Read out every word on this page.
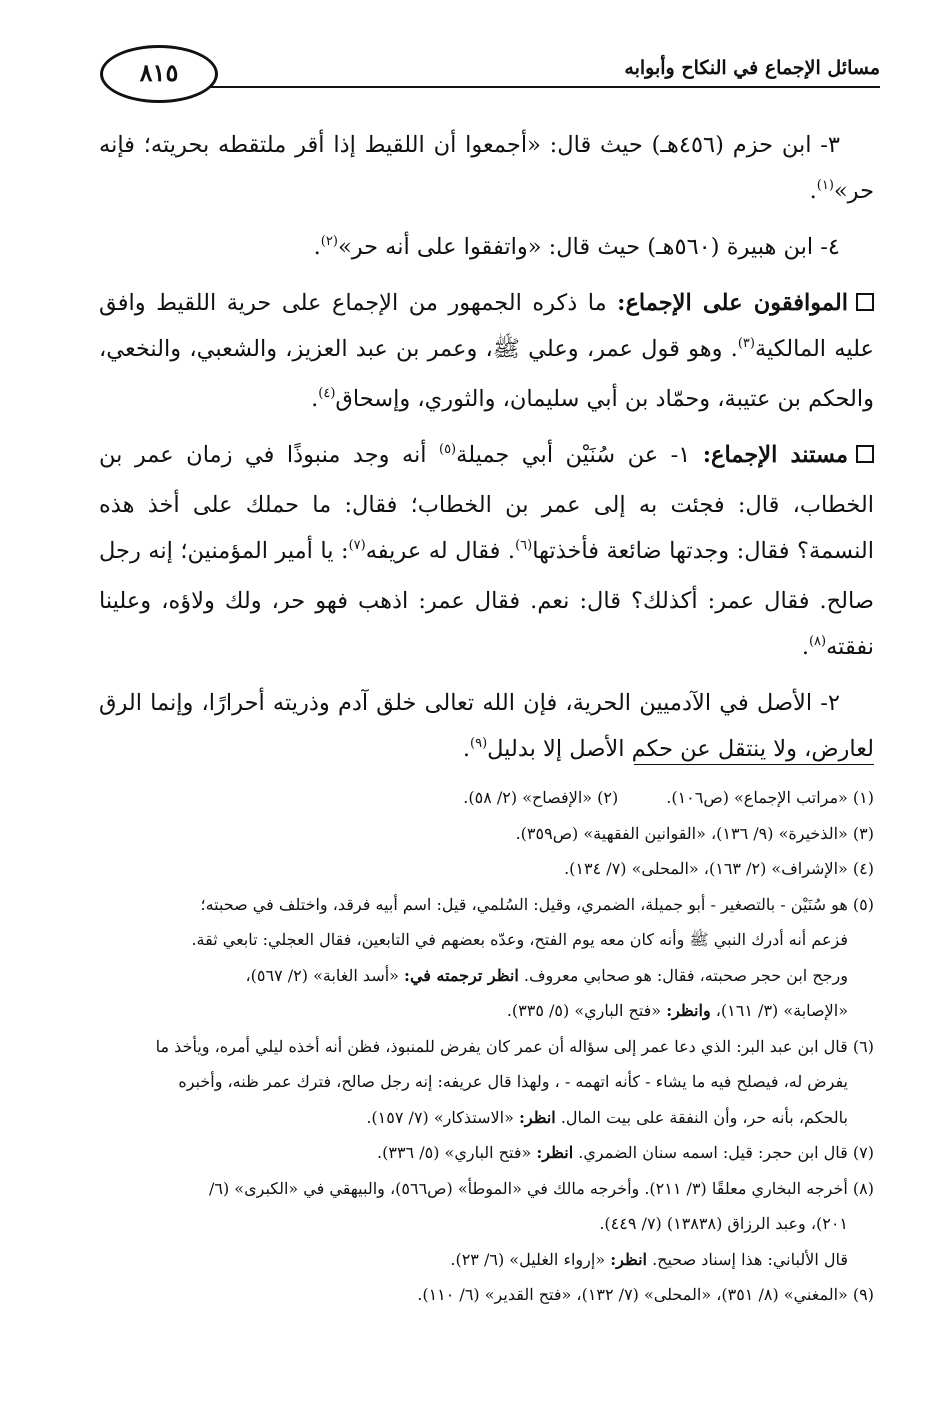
مسائل الإجماع في النكاح وأبوابه
٨١٥

٣- ابن حزم (٤٥٦هـ) حيث قال: «أجمعوا أن اللقيط إذا أقر ملتقطه بحريته؛ فإنه حر»$^{(١)}$.

٤- ابن هبيرة (٥٦٠هـ) حيث قال: «واتفقوا على أنه حر»$^{(٢)}$.

الموافقون على الإجماع: ما ذكره الجمهور من الإجماع على حرية اللقيط وافق عليه المالكية$^{(٣)}$. وهو قول عمر، وعلي ﷺ، وعمر بن عبد العزيز، والشعبي، والنخعي، والحكم بن عتيبة، وحمّاد بن أبي سليمان، والثوري، وإسحاق$^{(٤)}$.

مستند الإجماع: ١- عن سُنَيْن أبي جميلة$^{(٥)}$ أنه وجد منبوذًا في زمان عمر بن الخطاب، قال: فجئت به إلى عمر بن الخطاب؛ فقال: ما حملك على أخذ هذه النسمة؟ فقال: وجدتها ضائعة فأخذتها$^{(٦)}$. فقال له عريفه$^{(٧)}$: يا أمير المؤمنين؛ إنه رجل صالح. فقال عمر: أكذلك؟ قال: نعم. فقال عمر: اذهب فهو حر، ولك ولاؤه، وعلينا نفقته$^{(٨)}$.

٢- الأصل في الآدميين الحرية، فإن الله تعالى خلق آدم وذريته أحرارًا، وإنما الرق لعارض، ولا ينتقل عن حكم الأصل إلا بدليل$^{(٩)}$.

(١) «مراتب الإجماع» (ص١٠٦).   (٢) «الإفصاح» (٢/ ٥٨).

(٣) «الذخيرة» (٩/ ١٣٦)، «القوانين الفقهية» (ص٣٥٩).

(٤) «الإشراف» (٢/ ١٦٣)، «المحلى» (٧/ ١٣٤).

(٥) هو سُنَيْن - بالتصغير - أبو جميلة، الضمري، وقيل: السُلمي، قيل: اسم أبيه فرقد، واختلف في صحبته؛

فزعم أنه أدرك النبي ﷺ وأنه كان معه يوم الفتح، وعدّه بعضهم في التابعين، فقال العجلي: تابعي ثقة.

ورجح ابن حجر صحبته، فقال: هو صحابي معروف. انظر ترجمته في: «أسد الغابة» (٢/ ٥٦٧)،

«الإصابة» (٣/ ١٦١)، وانظر: «فتح الباري» (٥/ ٣٣٥).

(٦) قال ابن عبد البر: الذي دعا عمر إلى سؤاله أن عمر كان يفرض للمنبوذ، فظن أنه أخذه ليلي أمره، ويأخذ ما

يفرض له، فيصلح فيه ما يشاء - كأنه اتهمه - ، ولهذا قال عريفه: إنه رجل صالح، فترك عمر ظنه، وأخبره

بالحكم، بأنه حر، وأن النفقة على بيت المال. انظر: «الاستذكار» (٧/ ١٥٧).

(٧) قال ابن حجر: قيل: اسمه سنان الضمري. انظر: «فتح الباري» (٥/ ٣٣٦).

(٨) أخرجه البخاري معلقًا (٣/ ٢١١). وأخرجه مالك في «الموطأ» (ص٥٦٦)، والبيهقي في «الكبرى» (٦/

٢٠١)، وعبد الرزاق (١٣٨٣٨) (٧/ ٤٤٩).

قال الألباني: هذا إسناد صحيح. انظر: «إرواء الغليل» (٦/ ٢٣).

(٩) «المغني» (٨/ ٣٥١)، «المحلى» (٧/ ١٣٢)، «فتح القدير» (٦/ ١١٠).
